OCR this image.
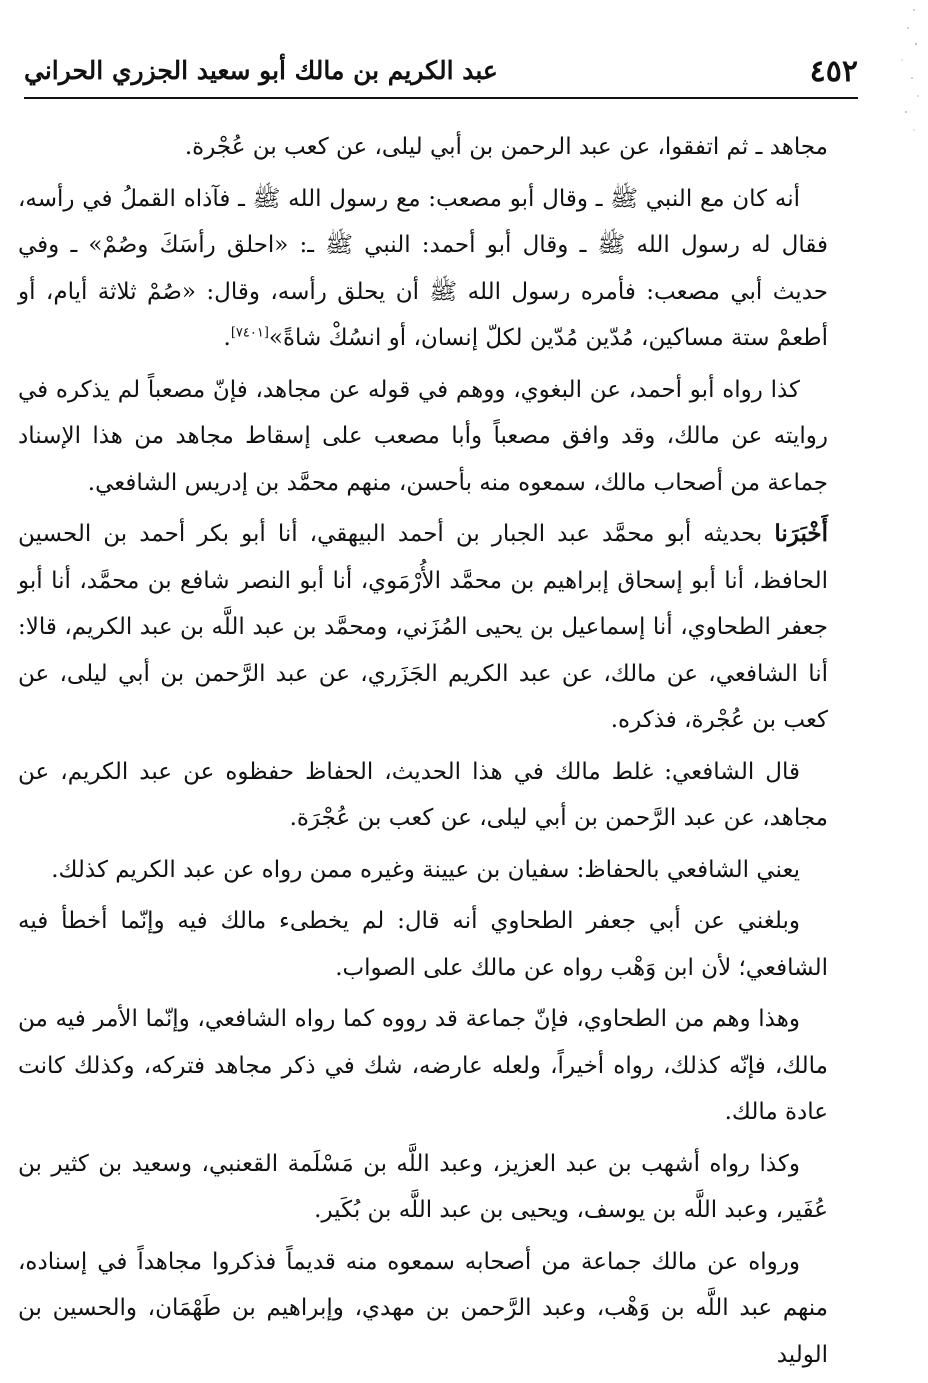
٤٥٢
عبد الكريم بن مالك أبو سعيد الجزري الحراني

مجاهد ـ ثم اتفقوا، عن عبد الرحمن بن أبي ليلى، عن كعب بن عُجْرة.

أنه كان مع النبي ﷺ ـ وقال أبو مصعب: مع رسول الله ﷺ ـ فآذاه القملُ في رأسه، فقال له رسول الله ﷺ ـ وقال أبو أحمد: النبي ﷺ ـ: «احلق رأسَكَ وصُمْ» ـ وفي حديث أبي مصعب: فأمره رسول الله ﷺ أن يحلق رأسه، وقال: «صُمْ ثلاثة أيام، أو أطعمْ ستة مساكين، مُدّين مُدّين لكلّ إنسان، أو انسُكْ شاةً»[٧٤٠١].

كذا رواه أبو أحمد، عن البغوي، ووهم في قوله عن مجاهد، فإنّ مصعباً لم يذكره في روايته عن مالك، وقد وافق مصعباً وأبا مصعب على إسقاط مجاهد من هذا الإسناد جماعة من أصحاب مالك، سمعوه منه بأحسن، منهم محمَّد بن إدريس الشافعي.

أَخْبَرَنا بحديثه أبو محمَّد عبد الجبار بن أحمد البيهقي، أنا أبو بكر أحمد بن الحسين الحافظ، أنا أبو إسحاق إبراهيم بن محمَّد الأُرْمَوي، أنا أبو النصر شافع بن محمَّد، أنا أبو جعفر الطحاوي، أنا إسماعيل بن يحيى المُزَني، ومحمَّد بن عبد اللَّه بن عبد الكريم، قالا: أنا الشافعي، عن مالك، عن عبد الكريم الجَزَري، عن عبد الرَّحمن بن أبي ليلى، عن كعب بن عُجْرة، فذكره.

قال الشافعي: غلط مالك في هذا الحديث، الحفاظ حفظوه عن عبد الكريم، عن مجاهد، عن عبد الرَّحمن بن أبي ليلى، عن كعب بن عُجْرَة.

يعني الشافعي بالحفاظ: سفيان بن عيينة وغيره ممن رواه عن عبد الكريم كذلك.

وبلغني عن أبي جعفر الطحاوي أنه قال: لم يخطىء مالك فيه وإنّما أخطأ فيه الشافعي؛ لأن ابن وَهْب رواه عن مالك على الصواب.

وهذا وهم من الطحاوي، فإنّ جماعة قد رووه كما رواه الشافعي، وإنّما الأمر فيه من مالك، فإنّه كذلك، رواه أخيراً، ولعله عارضه، شك في ذكر مجاهد فتركه، وكذلك كانت عادة مالك.

وكذا رواه أشهب بن عبد العزيز، وعبد اللَّه بن مَسْلَمة القعنبي، وسعيد بن كثير بن عُفَير، وعبد اللَّه بن يوسف، ويحيى بن عبد اللَّه بن بُكَير.

ورواه عن مالك جماعة من أصحابه سمعوه منه قديماً فذكروا مجاهداً في إسناده، منهم عبد اللَّه بن وَهْب، وعبد الرَّحمن بن مهدي، وإبراهيم بن طَهْمَان، والحسين بن الوليد
